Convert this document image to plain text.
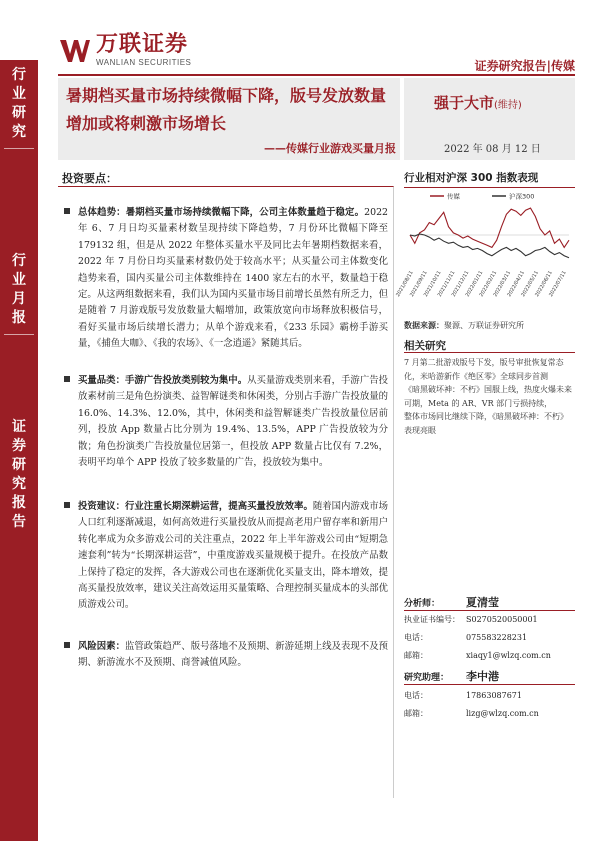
万联证券
WANLIAN SECURITIES	证券研究报告|传媒
行
业
研
究
行
业
月
报
证
券
研
究
报
告
暑期档买量市场持续微幅下降，版号发放数量增加或将刺激市场增长
——传媒行业游戏买量月报
强于大市(维持)
2022 年 08 月 12 日
投资要点：
总体趋势：暑期档买量市场持续微幅下降，公司主体数量趋于稳定。2022 年 6、7 月日均买量素材数呈现持续下降趋势，7 月份环比微幅下降至 179132 组，但是从 2022 年整体买量水平及同比去年暑期档数据来看，2022 年 7 月份日均买量素材数仍处于较高水平；从买量公司主体数变化趋势来看，国内买量公司主体数维持在 1400 家左右的水平，数量趋于稳定。从这两组数据来看，我们认为国内买量市场目前增长虽然有所乏力，但是随着 7 月游戏版号发放数量大幅增加，政策放宽向市场释放积极信号，看好买量市场后续增长潜力；从单个游戏来看，《233 乐园》霸榜手游买量，《捕鱼大咖》、《我的农场》、《一念逍遥》紧随其后。
买量品类：手游广告投放类别较为集中。从买量游戏类别来看，手游广告投放素材前三是角色扮演类、益智解谜类和休闲类，分别占手游广告投放量的 16.0%、14.3%、12.0%，其中，休闲类和益智解谜类广告投放量位居前列，投放 App 数量占比分别为 19.4%、13.5%，APP 广告投放较为分散；角色扮演类广告投放量位居第一，但投放 APP 数量占比仅有 7.2%，表明平均单个 APP 投放了较多数量的广告，投放较为集中。
投资建议：行业注重长期深耕运营，提高买量投放效率。随着国内游戏市场人口红利逐渐减退，如何高效进行买量投放从而提高老用户留存率和新用户转化率成为众多游戏公司的关注重点，2022 年上半年游戏公司由“短期急速套利”转为“长期深耕运营”，中重度游戏买量规模于提升。在投放产品数上保持了稳定的发挥，各大游戏公司也在逐渐优化买量支出，降本增效，提高买量投放效率，建议关注高效运用买量策略、合理控制买量成本的头部优质游戏公司。
风险因素：监管政策趋严、版号落地不及预期、新游延期上线及表现不及预期、新游流水不及预期、商誉减值风险。
行业相对沪深 300 指数表现
传媒	沪深300
2021/08/11
2021/09/11
2021/10/11
2021/11/11
2021/12/11
2022/01/11
2022/02/11
2022/03/11
2022/04/11
2022/05/11
2022/06/11
2022/07/11
数据来源：聚源、万联证券研究所
相关研究
7 月第二批游戏版号下发，版号审批恢复常态化，米哈游新作《绝区零》全球同步首测
《暗黑破坏神：不朽》国服上线，热度火爆未来可期，Meta 的 AR、VR 部门亏损持续，
整体市场同比继续下降，《暗黑破坏神：不朽》表现亮眼
分析师： 夏清莹
执业证书编号： S0270520050001
电话：	075583228231
邮箱：	xiaqy1@wlzq.com.cn
研究助理： 李中港
电话：	17863087671
邮箱：	lizg@wlzq.com.cn
